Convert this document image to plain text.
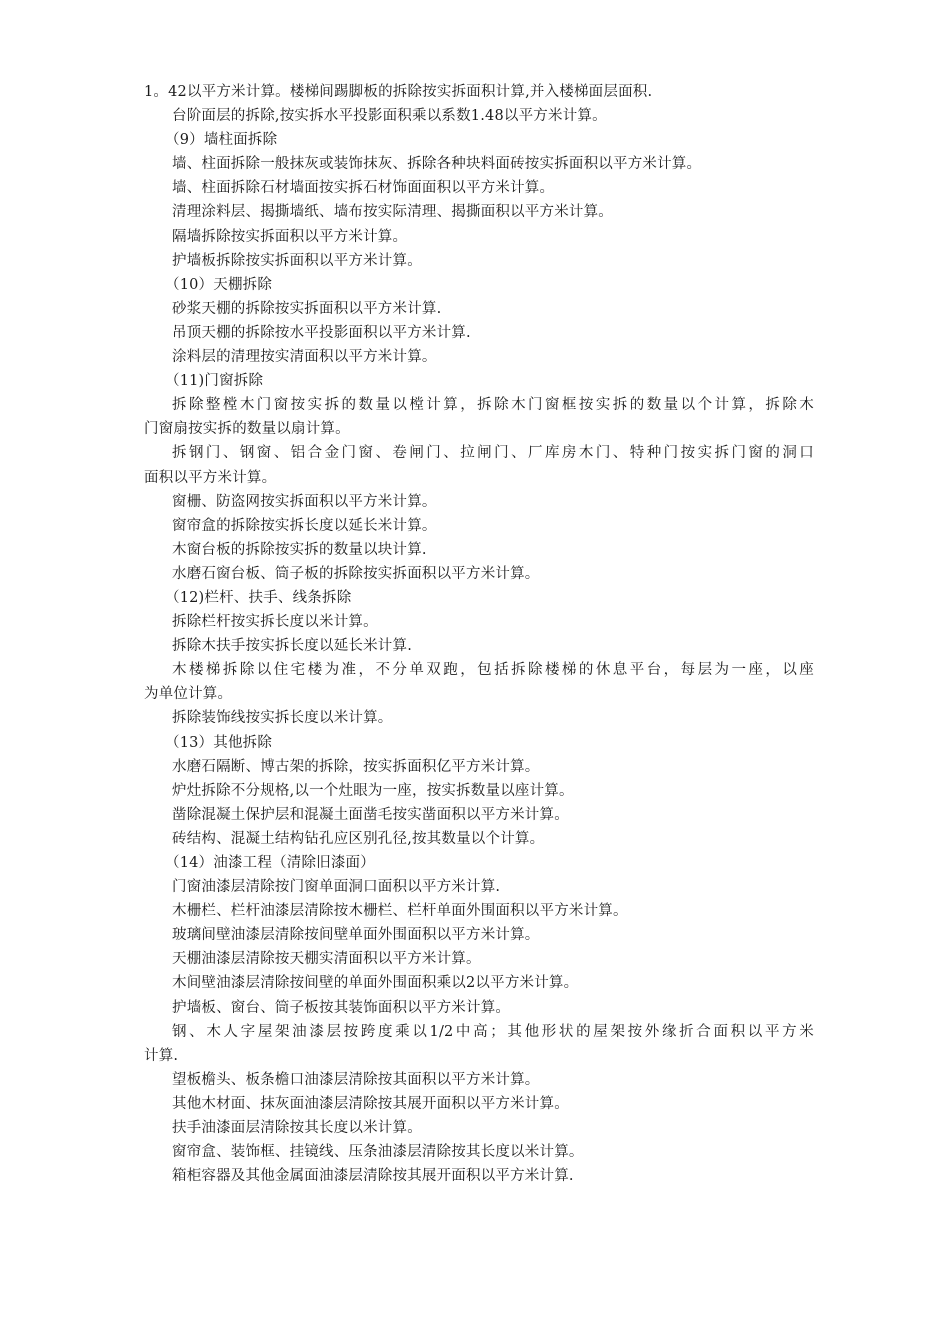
1。42以平方米计算。楼梯间踢脚板的拆除按实拆面积计算,并入楼梯面层面积.
台阶面层的拆除,按实拆水平投影面积乘以系数1.48以平方米计算。
（9）墙柱面拆除
墙、柱面拆除一般抹灰或装饰抹灰、拆除各种块料面砖按实拆面积以平方米计算。
墙、柱面拆除石材墙面按实拆石材饰面面积以平方米计算。
清理涂料层、揭撕墙纸、墙布按实际清理、揭撕面积以平方米计算。
隔墙拆除按实拆面积以平方米计算。
护墙板拆除按实拆面积以平方米计算。
（10）天棚拆除
砂浆天棚的拆除按实拆面积以平方米计算.
吊顶天棚的拆除按水平投影面积以平方米计算.
涂料层的清理按实清面积以平方米计算。
（11)门窗拆除
拆除整樘木门窗按实拆的数量以樘计算，拆除木门窗框按实拆的数量以个计算，拆除木
门窗扇按实拆的数量以扇计算。
拆钢门、钢窗、铝合金门窗、卷闸门、拉闸门、厂库房木门、特种门按实拆门窗的洞口
面积以平方米计算。
窗栅、防盗网按实拆面积以平方米计算。
窗帘盒的拆除按实拆长度以延长米计算。
木窗台板的拆除按实拆的数量以块计算.
水磨石窗台板、筒子板的拆除按实拆面积以平方米计算。
（12)栏杆、扶手、线条拆除
拆除栏杆按实拆长度以米计算。
拆除木扶手按实拆长度以延长米计算.
木楼梯拆除以住宅楼为准，不分单双跑，包括拆除楼梯的休息平台，每层为一座，以座
为单位计算。
拆除装饰线按实拆长度以米计算。
（13）其他拆除
水磨石隔断、博古架的拆除，按实拆面积亿平方米计算。
炉灶拆除不分规格,以一个灶眼为一座，按实拆数量以座计算。
凿除混凝土保护层和混凝土面凿毛按实凿面积以平方米计算。
砖结构、混凝土结构钻孔应区别孔径,按其数量以个计算。
（14）油漆工程（清除旧漆面）
门窗油漆层清除按门窗单面洞口面积以平方米计算.
木栅栏、栏杆油漆层清除按木栅栏、栏杆单面外围面积以平方米计算。
玻璃间壁油漆层清除按间壁单面外围面积以平方米计算。
天棚油漆层清除按天棚实清面积以平方米计算。
木间壁油漆层清除按间壁的单面外围面积乘以2以平方米计算。
护墙板、窗台、筒子板按其装饰面积以平方米计算。
钢、木人字屋架油漆层按跨度乘以1/2中高；其他形状的屋架按外缘折合面积以平方米
计算.
望板檐头、板条檐口油漆层清除按其面积以平方米计算。
其他木材面、抹灰面油漆层清除按其展开面积以平方米计算。
扶手油漆面层清除按其长度以米计算。
窗帘盒、装饰框、挂镜线、压条油漆层清除按其长度以米计算。
箱柜容器及其他金属面油漆层清除按其展开面积以平方米计算.
